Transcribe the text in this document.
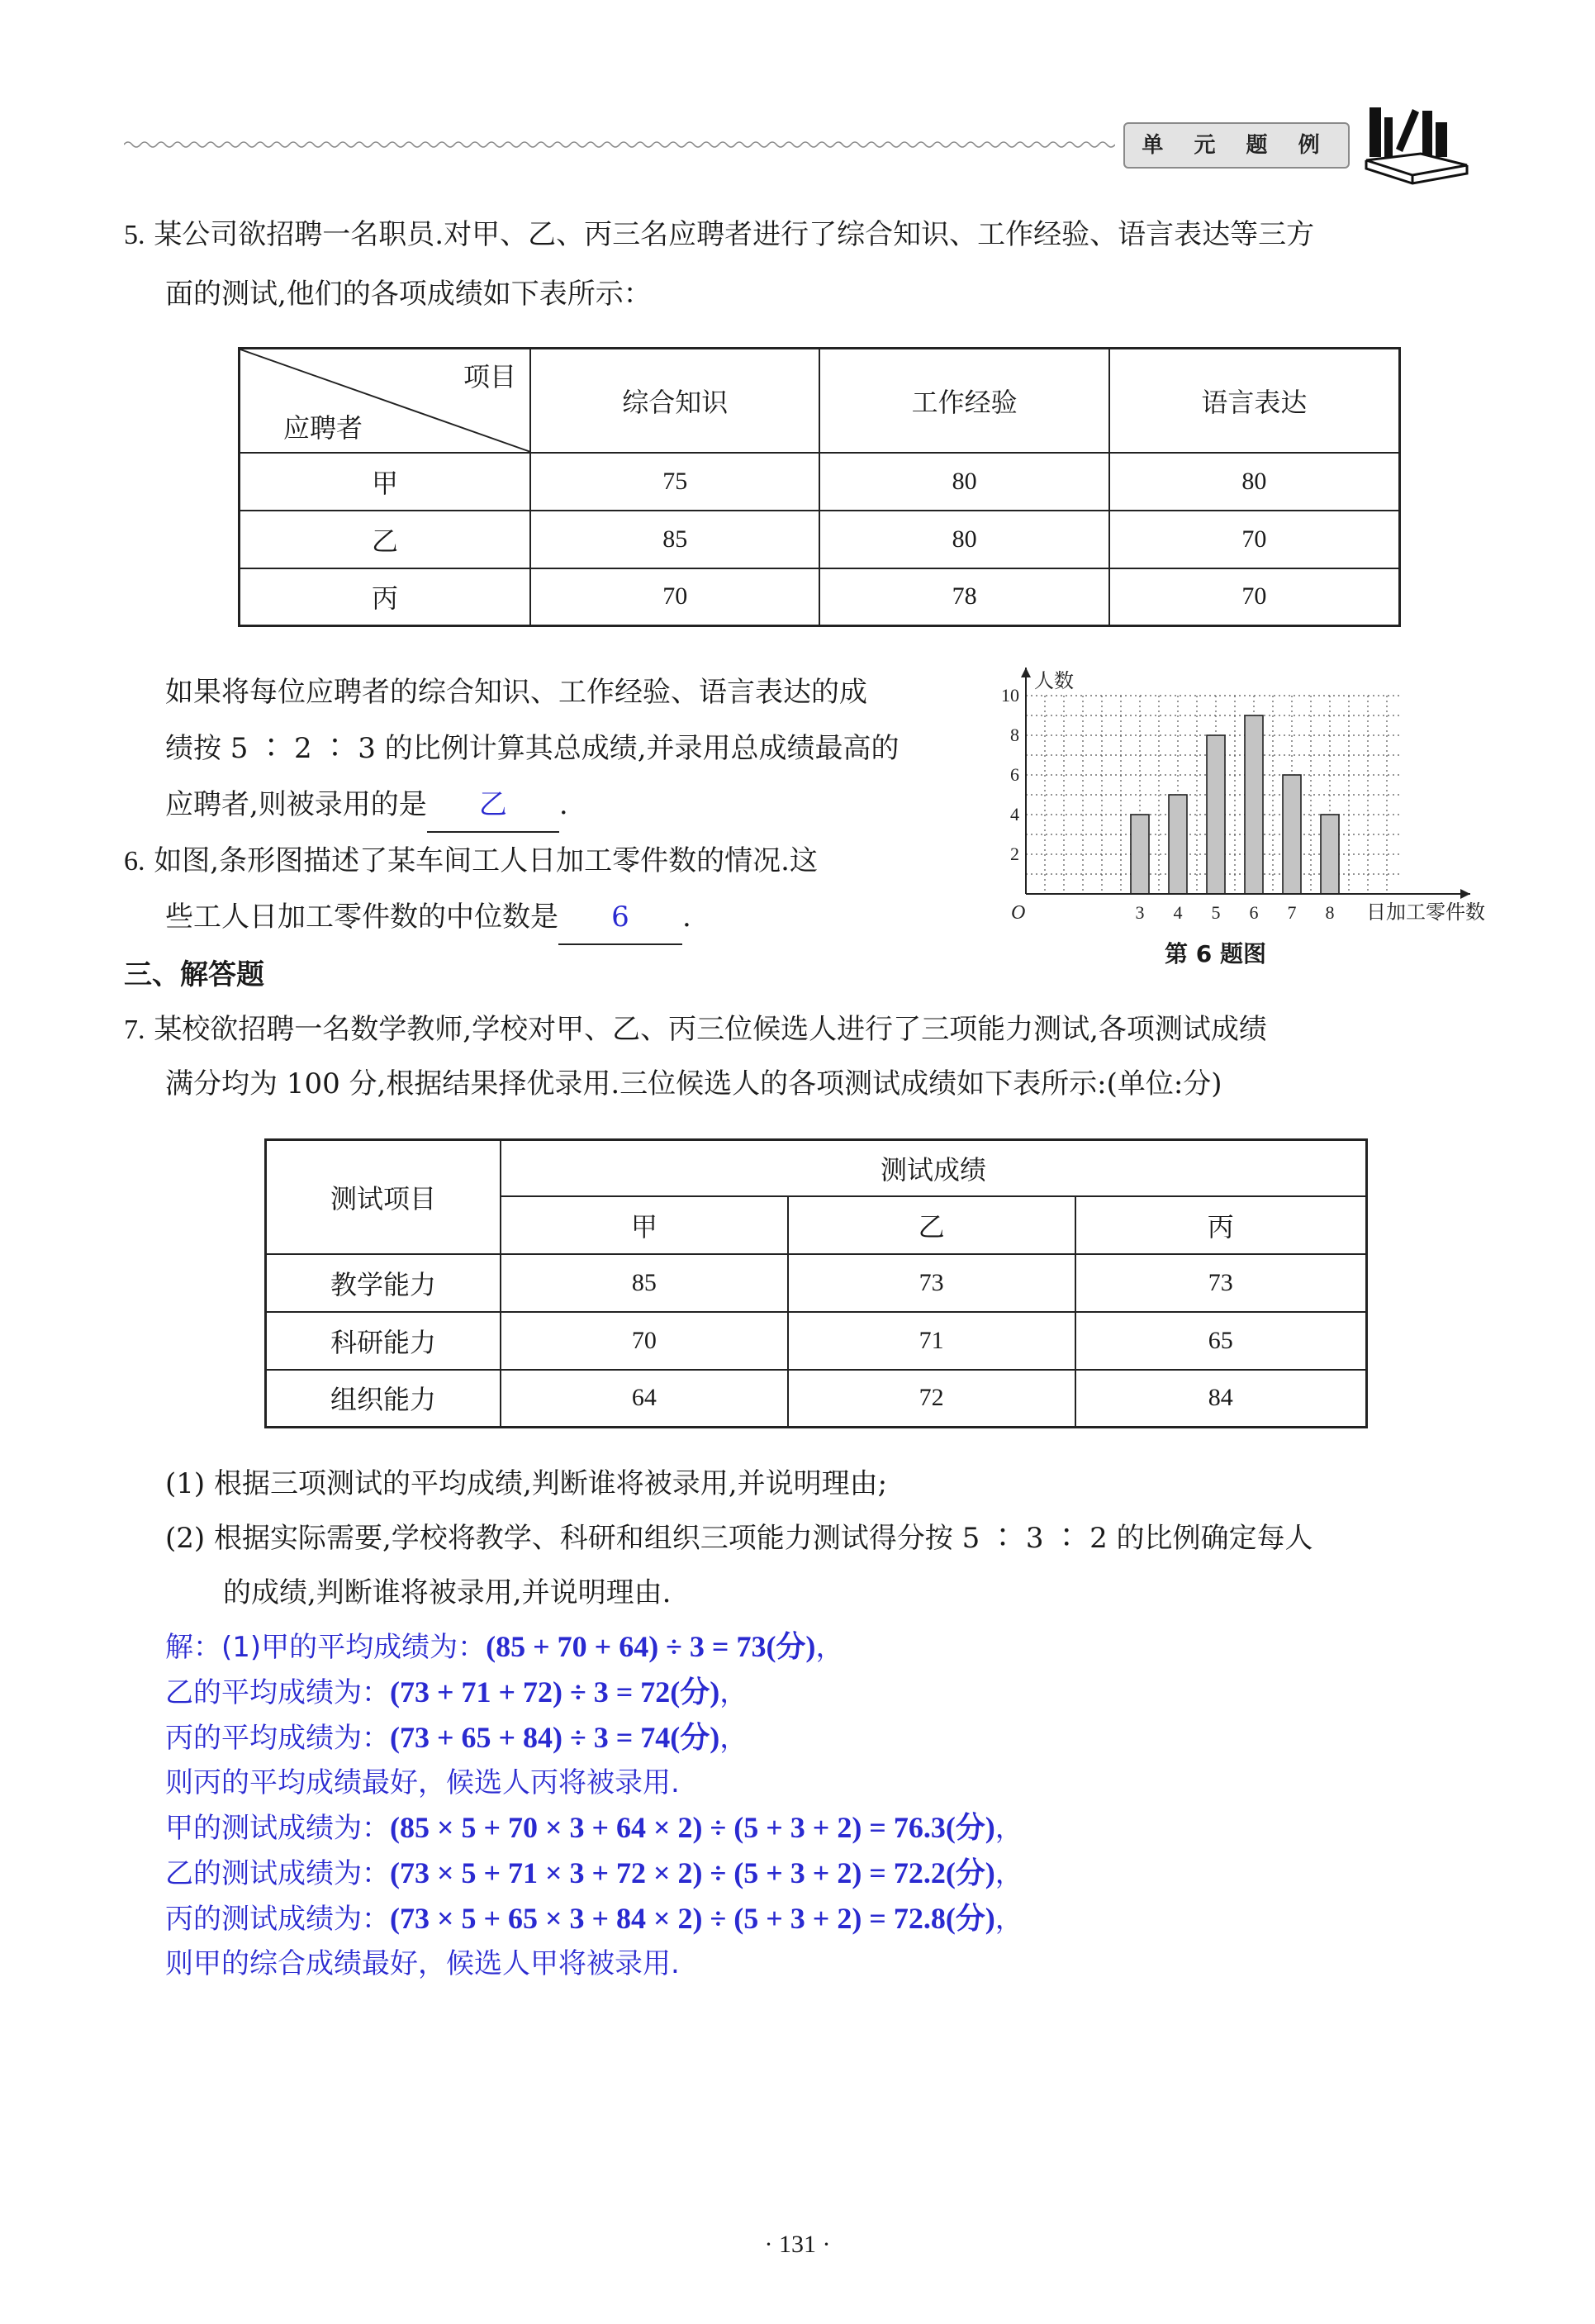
单 元 题 例
5. 某公司欲招聘一名职员.对甲、乙、丙三名应聘者进行了综合知识、工作经验、语言表达等三方
面的测试,他们的各项成绩如下表所示：
项目
应聘者	综合知识	工作经验	语言表达
甲	75	80	80
乙	85	80	70
丙	70	78	70
如果将每位应聘者的综合知识、工作经验、语言表达的成
绩按 5 ∶ 2 ∶ 3 的比例计算其总成绩,并录用总成绩最高的
应聘者,则被录用的是 乙 .
6. 如图,条形图描述了某车间工人日加工零件数的情况.这
些工人日加工零件数的中位数是 6 .	3 4 5 6 7 8
2
4
6
8
10
O
人数
日加工零件数
第 6 题图
三、解答题
7. 某校欲招聘一名数学教师,学校对甲、乙、丙三位候选人进行了三项能力测试,各项测试成绩
满分均为 100 分,根据结果择优录用.三位候选人的各项测试成绩如下表所示:(单位:分)
测试项目	测试成绩		
	甲	乙	丙
教学能力	85	73	73
科研能力	70	71	65
组织能力	64	72	84
(1) 根据三项测试的平均成绩,判断谁将被录用,并说明理由;
(2) 根据实际需要,学校将教学、科研和组织三项能力测试得分按 5 ∶ 3 ∶ 2 的比例确定每人
的成绩,判断谁将被录用,并说明理由.
解：(1)甲的平均成绩为：(85 + 70 + 64) ÷ 3 = 73(分)，
乙的平均成绩为：(73 + 71 + 72) ÷ 3 = 72(分)，
丙的平均成绩为：(73 + 65 + 84) ÷ 3 = 74(分)，
则丙的平均成绩最好，候选人丙将被录用.
甲的测试成绩为：(85 × 5 + 70 × 3 + 64 × 2) ÷ (5 + 3 + 2) = 76.3(分)，
乙的测试成绩为：(73 × 5 + 71 × 3 + 72 × 2) ÷ (5 + 3 + 2) = 72.2(分)，
丙的测试成绩为：(73 × 5 + 65 × 3 + 84 × 2) ÷ (5 + 3 + 2) = 72.8(分)，
则甲的综合成绩最好，候选人甲将被录用.
· 131 ·
